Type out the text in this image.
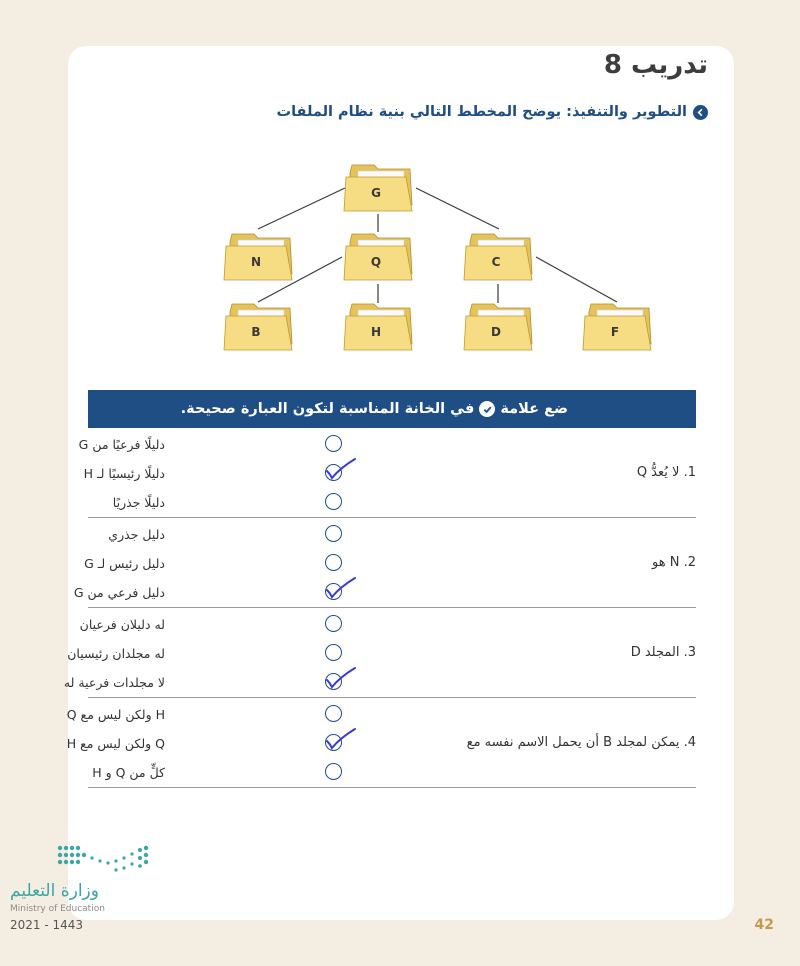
تدريب 8
التطوير والتنفيذ: يوضح المخطط التالي بنية نظام الملفات
G
N	Q	C
B	H	D	F
ضع علامة
في الخانة المناسبة لتكون العبارة صحيحة.
1. لا يُعدُّ Q
دليلًا فرعيًا من G
دليلًا رئيسيًا لـ H
دليلًا جذريًا
2. N هو
دليل جذري
دليل رئيس لـ G
دليل فرعي من G
3. المجلد D
له دليلان فرعيان
له مجلدان رئيسيان
لا مجلدات فرعية له
4. يمكن لمجلد B أن يحمل الاسم نفسه مع
H ولكن ليس مع Q
Q ولكن ليس مع H
كلٍّ من Q و H
وزارة التعليم
Ministry of Education
2021 - 1443	42
